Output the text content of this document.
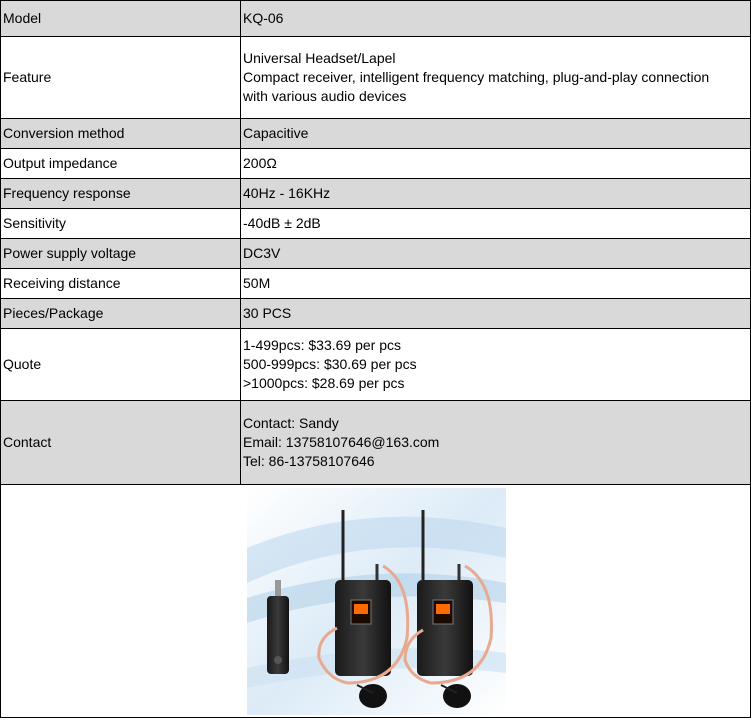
Model	KQ-06

Feature	Universal Headset/Lapel
Compact receiver, intelligent frequency matching, plug-and-play connection
with various audio devices

Conversion method	Capacitive

Output impedance	200Ω

Frequency response	40Hz - 16KHz

Sensitivity	-40dB ± 2dB

Power supply voltage	DC3V

Receiving distance	50M

Pieces/Package	30 PCS

Quote	1-499pcs: $33.69 per pcs
500-999pcs: $30.69 per pcs
>1000pcs: $28.69 per pcs

Contact	Contact: Sandy
Email: 13758107646@163.com
Tel: 86-13758107646
